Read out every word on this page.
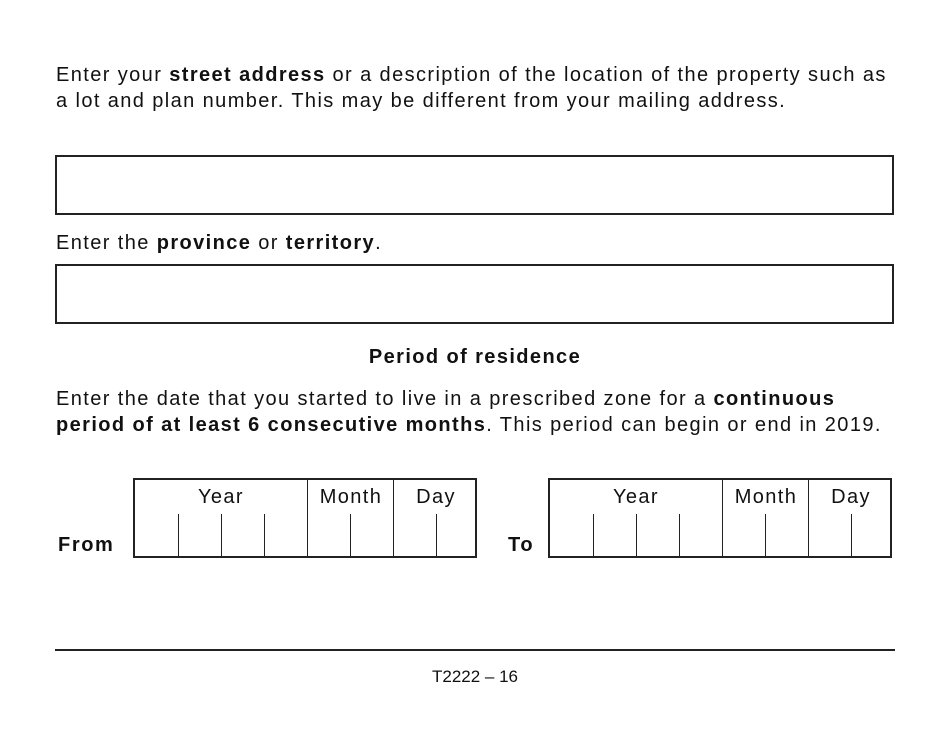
Enter your street address or a description of the location of the property such as a lot and plan number. This may be different from your mailing address.

Enter the province or territory.

Period of residence

Enter the date that you started to live in a prescribed zone for a continuous period of at least 6 consecutive months. This period can begin or end in 2019.

From
Year	Month	Day
To
Year	Month	Day
T2222 – 16
